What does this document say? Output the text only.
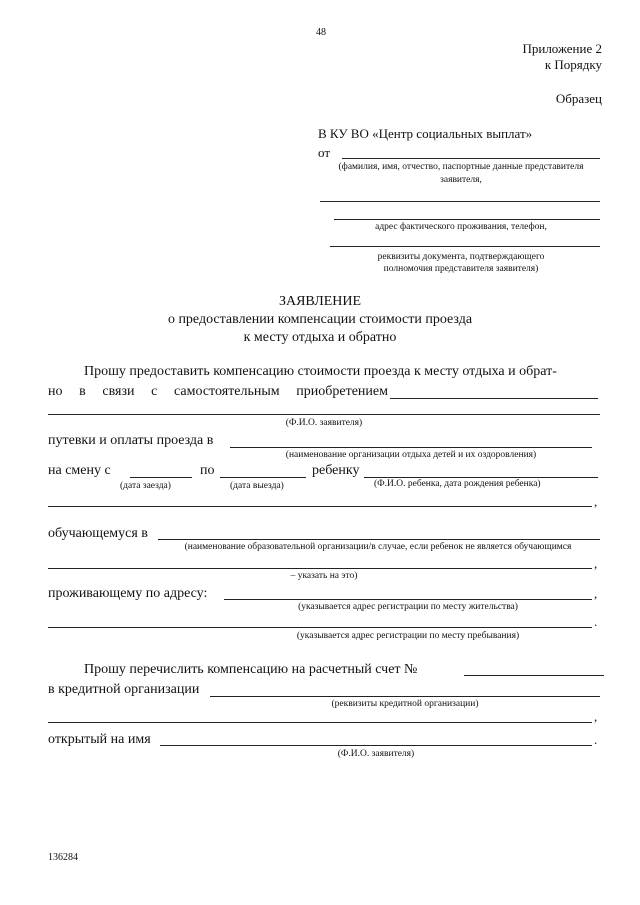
48
Приложение 2
к Порядку
Образец
В КУ ВО «Центр социальных выплат»
от
(фамилия, имя, отчество, паспортные данные представителя
заявителя,
адрес фактического проживания, телефон,
реквизиты документа, подтверждающего
полномочия представителя заявителя)
ЗАЯВЛЕНИЕ
о предоставлении компенсации стоимости проезда
к месту отдыха и обратно
Прошу предоставить компенсацию стоимости проезда к месту отдыха и обрат-
но в связи с самостоятельным приобретением
(Ф.И.О. заявителя)
путевки и оплаты проезда в
(наименование организации отдыха детей и их оздоровления)
на смену с	по	ребенку
(дата заезда)	(дата выезда)	(Ф.И.О. ребенка, дата рождения ребенка)
,
обучающемуся в
(наименование образовательной организации/в случае, если ребенок не является обучающимся
,
– указать на это)
проживающему по адресу:	,
(указывается адрес регистрации по месту жительства)
.
(указывается адрес регистрации по месту пребывания)
Прошу перечислить компенсацию на расчетный счет №
в кредитной организации
(реквизиты кредитной организации)
,
открытый на имя	.
(Ф.И.О. заявителя)
136284
